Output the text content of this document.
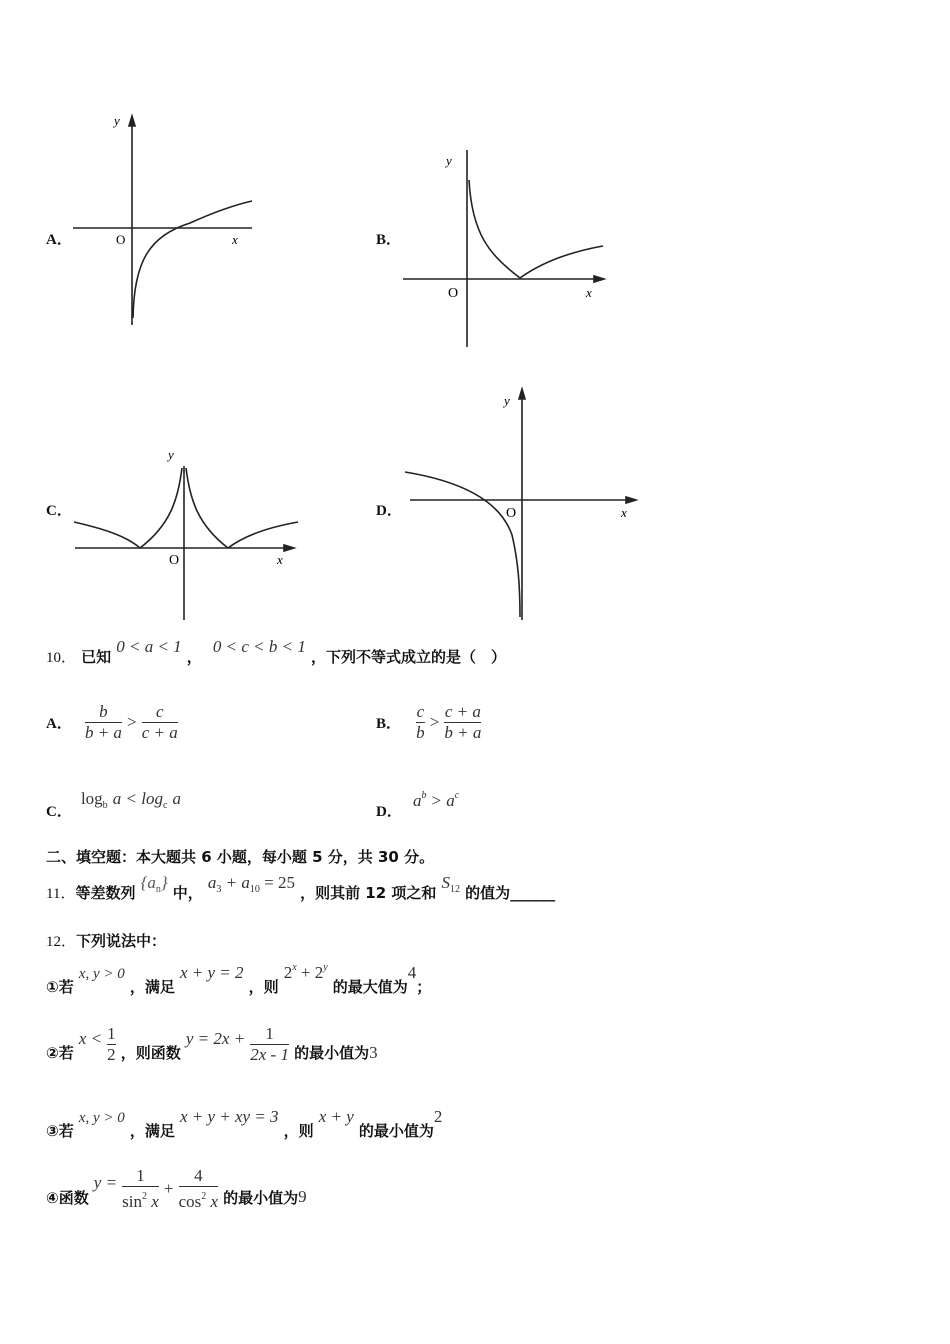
A．
y
O	x	B．
y
O	x
C．
y
O	x
D．
y
O	x
10． 已知 0 < a < 1 ， 0 < c < b < 1 ，下列不等式成立的是（　）
A． $\frac{b}{b + a} > \frac{c}{c + a}$	B． $\frac{c}{b} > \frac{c + a}{b + a}$
C． $\log_b a < \log_c a$
D． $a^b > a^c$
二、填空题：本大题共 6 小题，每小题 5 分，共 30 分。
11．等差数列 $\{a_n\}$ 中， $a_3 + a_{10} = 25$ ，则其前 12 项之和 $S_{12}$ 的值为______
12．下列说法中：
①若 x, y > 0 ，满足 x + y = 2 ，则 $2^x + 2^y$ 的最大值为4；
②若 $x < \frac{1}{2}$ ，则函数 $y = 2x + \frac{1}{2x - 1}$ 的最小值为3
③若 x, y > 0 ，满足 x + y + xy = 3 ，则 x + y 的最小值为2
④函数 $y = \frac{1}{\sin^2 x} + \frac{4}{\cos^2 x}$ 的最小值为9
